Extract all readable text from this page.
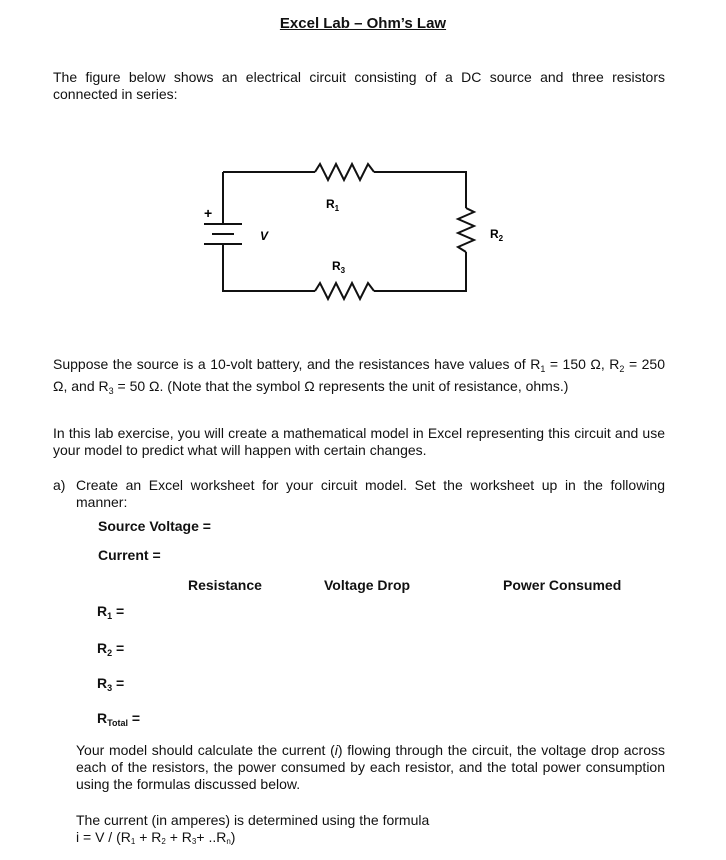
Excel Lab – Ohm’s Law
The figure below shows an electrical circuit consisting of a DC source and three resistors connected in series:
+
V
$R_1$
$R_2$
$R_3$
Suppose the source is a 10-volt battery, and the resistances have values of $R_1 = 150$ Ω, $R_2 = 250$ Ω, and $R_3 = 50$ Ω. (Note that the symbol Ω represents the unit of resistance, ohms.)
In this lab exercise, you will create a mathematical model in Excel representing this circuit and use your model to predict what will happen with certain changes.
a) Create an Excel worksheet for your circuit model. Set the worksheet up in the following manner:
Source Voltage =
Current =
Resistance	Voltage Drop	Power Consumed
$R_1$ =
$R_2$ =
$R_3$ =
$R_{Total}$ =
Your model should calculate the current (i) flowing through the circuit, the voltage drop across each of the resistors, the power consumed by each resistor, and the total power consumption using the formulas discussed below.
The current (in amperes) is determined using the formula
i = V / (R1 + R2 + R3+ ..Rn)
